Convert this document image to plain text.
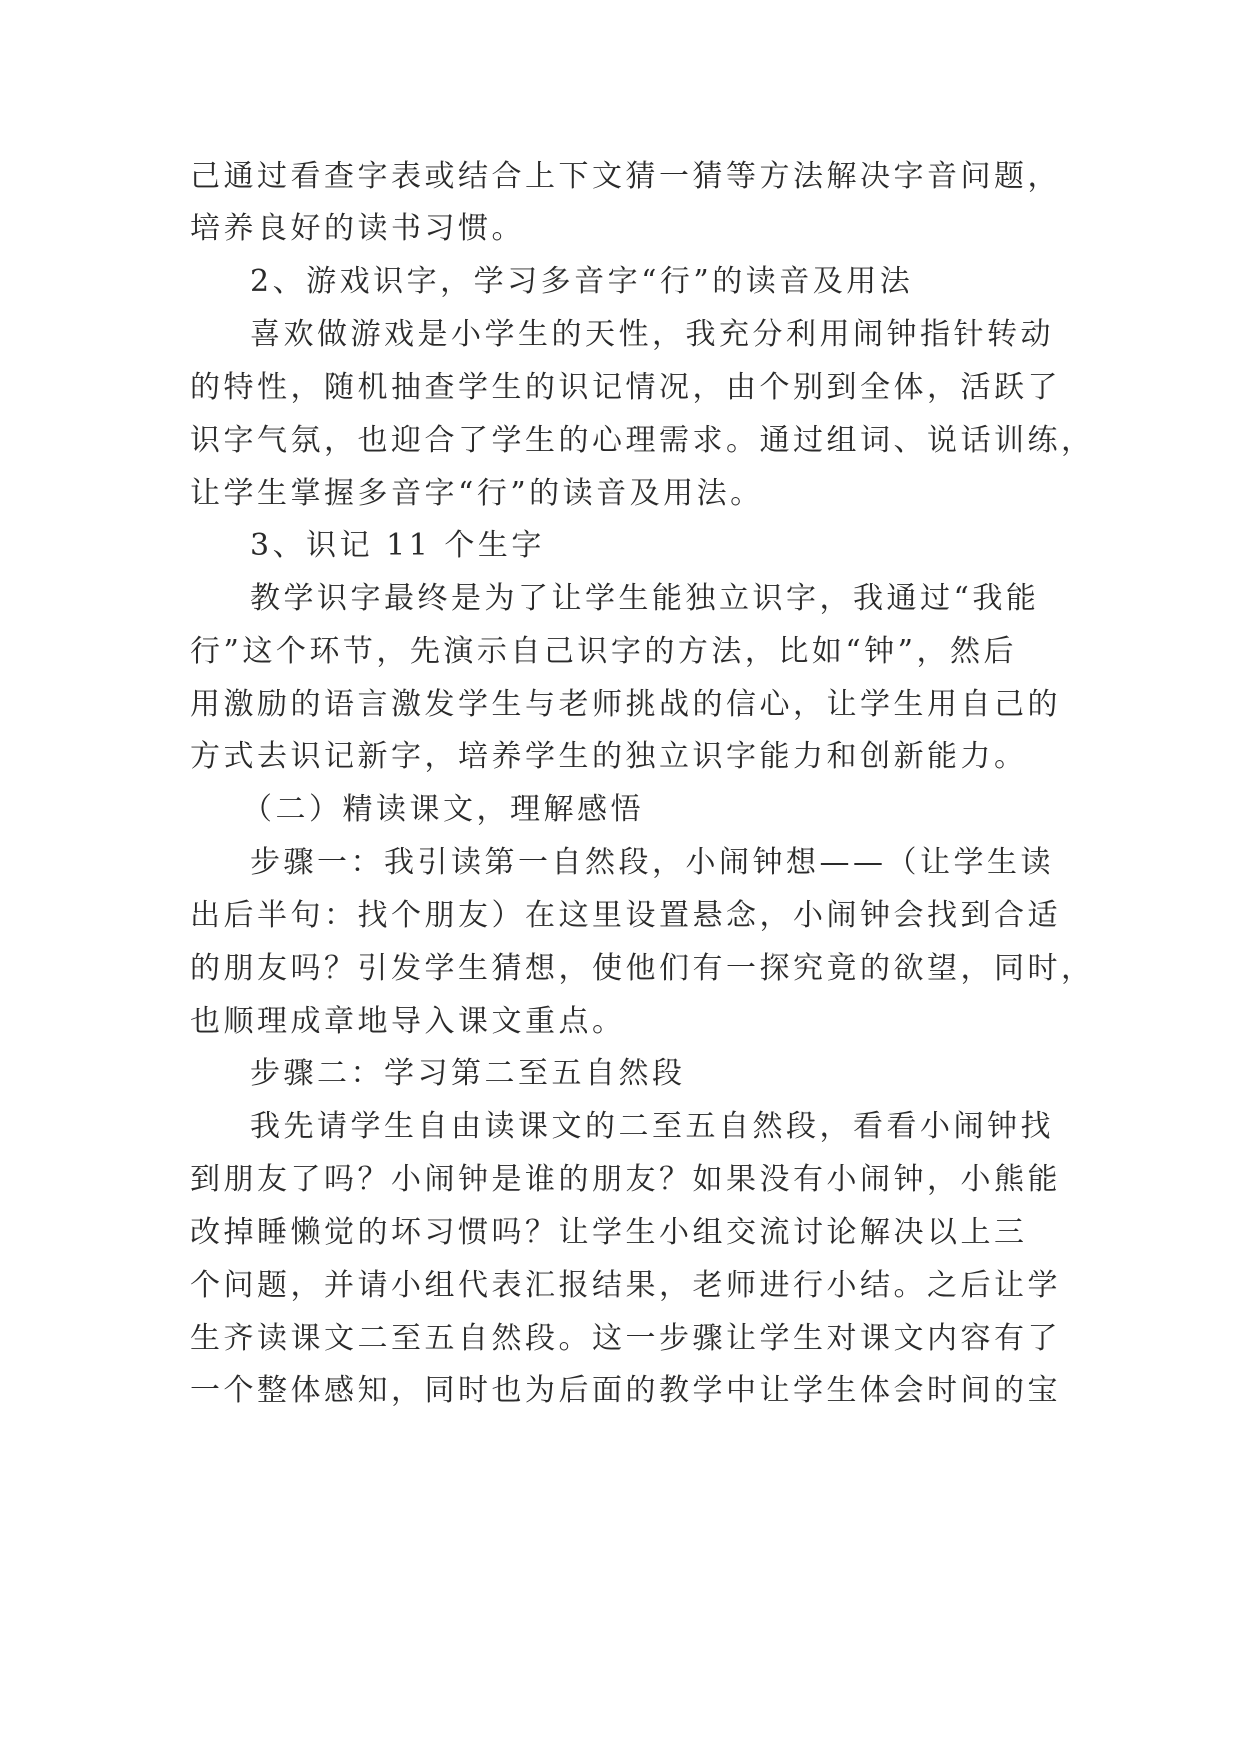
己通过看查字表或结合上下文猜一猜等方法解决字音问题，
培养良好的读书习惯。
2、游戏识字，学习多音字“行”的读音及用法
喜欢做游戏是小学生的天性，我充分利用闹钟指针转动
的特性，随机抽查学生的识记情况，由个别到全体，活跃了
识字气氛，也迎合了学生的心理需求。通过组词、说话训练，
让学生掌握多音字“行”的读音及用法。
3、识记 11 个生字
教学识字最终是为了让学生能独立识字，我通过“我能
行”这个环节，先演示自己识字的方法，比如“钟”，然后
用激励的语言激发学生与老师挑战的信心，让学生用自己的
方式去识记新字，培养学生的独立识字能力和创新能力。
（二）精读课文，理解感悟
步骤一：我引读第一自然段，小闹钟想——（让学生读
出后半句：找个朋友）在这里设置悬念，小闹钟会找到合适
的朋友吗？引发学生猜想，使他们有一探究竟的欲望，同时，
也顺理成章地导入课文重点。
步骤二：学习第二至五自然段
我先请学生自由读课文的二至五自然段，看看小闹钟找
到朋友了吗？小闹钟是谁的朋友？如果没有小闹钟，小熊能
改掉睡懒觉的坏习惯吗？让学生小组交流讨论解决以上三
个问题，并请小组代表汇报结果，老师进行小结。之后让学
生齐读课文二至五自然段。这一步骤让学生对课文内容有了
一个整体感知，同时也为后面的教学中让学生体会时间的宝
